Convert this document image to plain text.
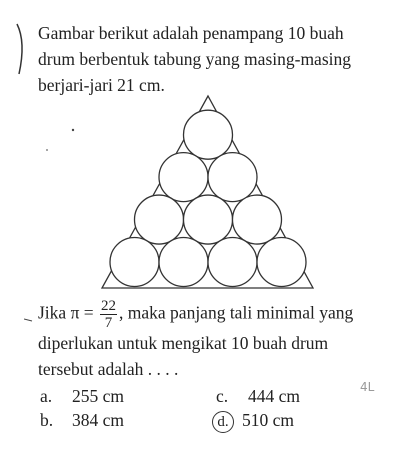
Gambar berikut adalah penampang 10 buah
drum berbentuk tabung yang masing-masing
berjari-jari 21 cm.
Jika $\pi = \frac{22}{7}$ , maka panjang tali minimal yang
diperlukan untuk mengikat 10 buah drum
tersebut adalah . . . .
a. 255 cm
b. 384 cm
c. 444 cm
d. 510 cm
4L
